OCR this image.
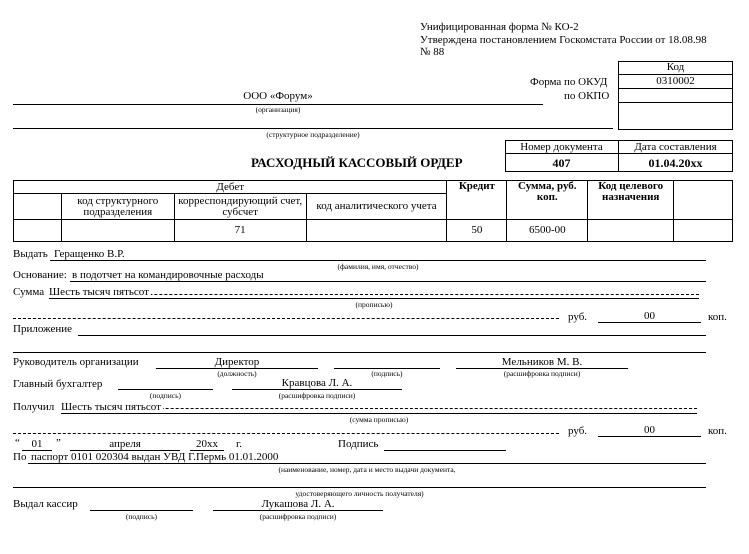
Унифицированная форма № КО-2
Утверждена постановлением Госкомстата России от 18.08.98
№ 88
Код
0310002
Форма по ОКУД
по ОКПО
ООО «Форум»
(организация)
(структурное подразделение)
Номер документа	Дата составления
407	01.04.20xx
РАСХОДНЫЙ КАССОВЫЙ ОРДЕР
Дебет				Кредит	Сумма, руб. коп.	Код целевого назначения	
	код структурного подразделения	корреспондирующий счет, субсчет	код аналитического учета				
		71		50	6500-00		
Выдать Геращенко В.Р.
(фамилия, имя, отчество)
Основание: в подотчет на командировочные расходы
Сумма Шесть тысяч пятьсот
(прописью)
руб.	00	коп.
Приложение
Руководитель организации	Директор
(должность)	(подпись)
Мельников М. В.
(расшифровка подписи)
Главный бухгалтер
(подпись)
Кравцова Л. А.
(расшифровка подписи)
Получил Шесть тысяч пятьсот
(сумма прописью)
руб.	00	коп.
“	01	”	апреля	20xx	г.	Подпись
По паспорт 0101 020304 выдан УВД Г.Пермь 01.01.2000
(наименование, номер, дата и место выдачи документа,
удостоверяющего личность получателя)
Выдал кассир
(подпись)
Лукашова Л. А.
(расшифровка подписи)
